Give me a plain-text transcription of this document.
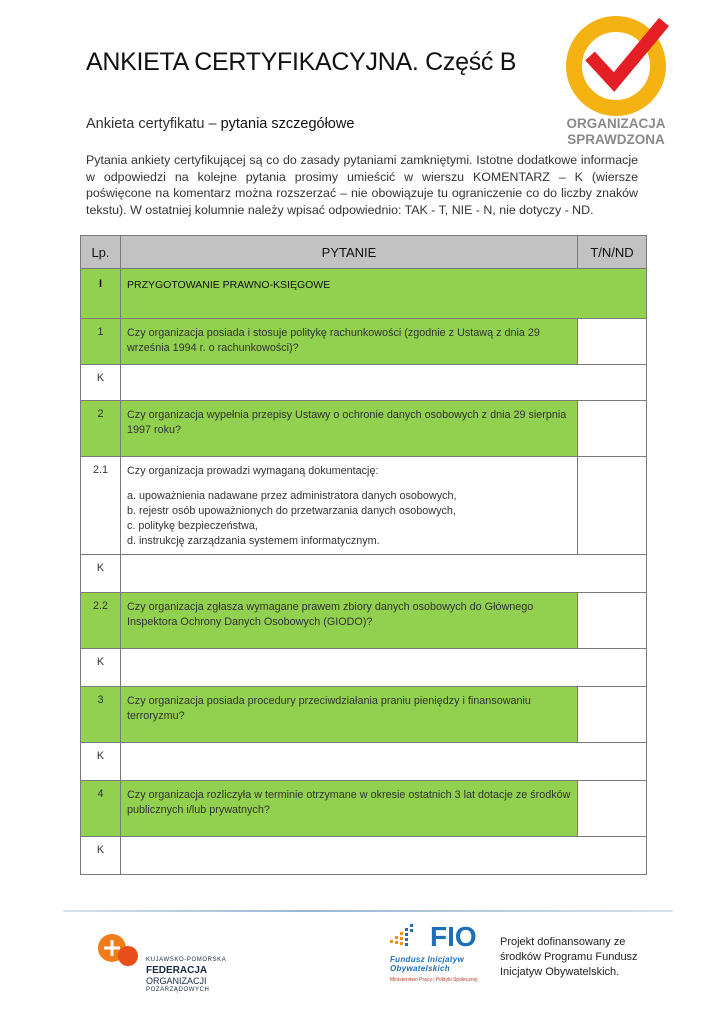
ANKIETA CERTYFIKACYJNA. Część B
ORGANIZACJA
SPRAWDZONA
Ankieta certyfikatu – pytania szczegółowe
Pytania ankiety certyfikującej są co do zasady pytaniami zamkniętymi. Istotne dodatkowe informacje w odpowiedzi na kolejne pytania prosimy umieścić w wierszu KOMENTARZ – K (wiersze poświęcone na komentarz można rozszerzać – nie obowiązuje tu ograniczenie co do liczby znaków tekstu). W ostatniej kolumnie należy wpisać odpowiednio: TAK - T, NIE - N, nie dotyczy - ND.
Lp.	PYTANIE	T/N/ND
I	PRZYGOTOWANIE PRAWNO-KSIĘGOWE	
1	Czy organizacja posiada i stosuje politykę rachunkowości (zgodnie z Ustawą z dnia 29 września 1994 r. o rachunkowości)?	
K		
2	Czy organizacja wypełnia przepisy Ustawy o ochronie danych osobowych z dnia 29 sierpnia 1997 roku?	
2.1	Czy organizacja prowadzi wymaganą dokumentację:
a. upoważnienia nadawane przez administratora danych osobowych,
b. rejestr osób upoważnionych do przetwarzania danych osobowych,
c. politykę bezpieczeństwa,
d. instrukcję zarządzania systemem informatycznym.	

K		
2.2	Czy organizacja zgłasza wymagane prawem zbiory danych osobowych do Głównego Inspektora Ochrony Danych Osobowych (GIODO)?	
K		
3	Czy organizacja posiada procedury przeciwdziałania praniu pieniędzy i finansowaniu terroryzmu?	
K		
4	Czy organizacja rozliczyła w terminie otrzymane w okresie ostatnich 3 lat dotacje ze środków publicznych i/lub prywatnych?	
K		
KUJAWSKO-POMORSKA
FEDERACJA
ORGANIZACJI
POZARZĄDOWYCH
FIO
Fundusz Inicjatyw
Obywatelskich
Ministerstwo Pracy i Polityki Społecznej
Projekt dofinansowany ze
środków Programu Fundusz
Inicjatyw Obywatelskich.
